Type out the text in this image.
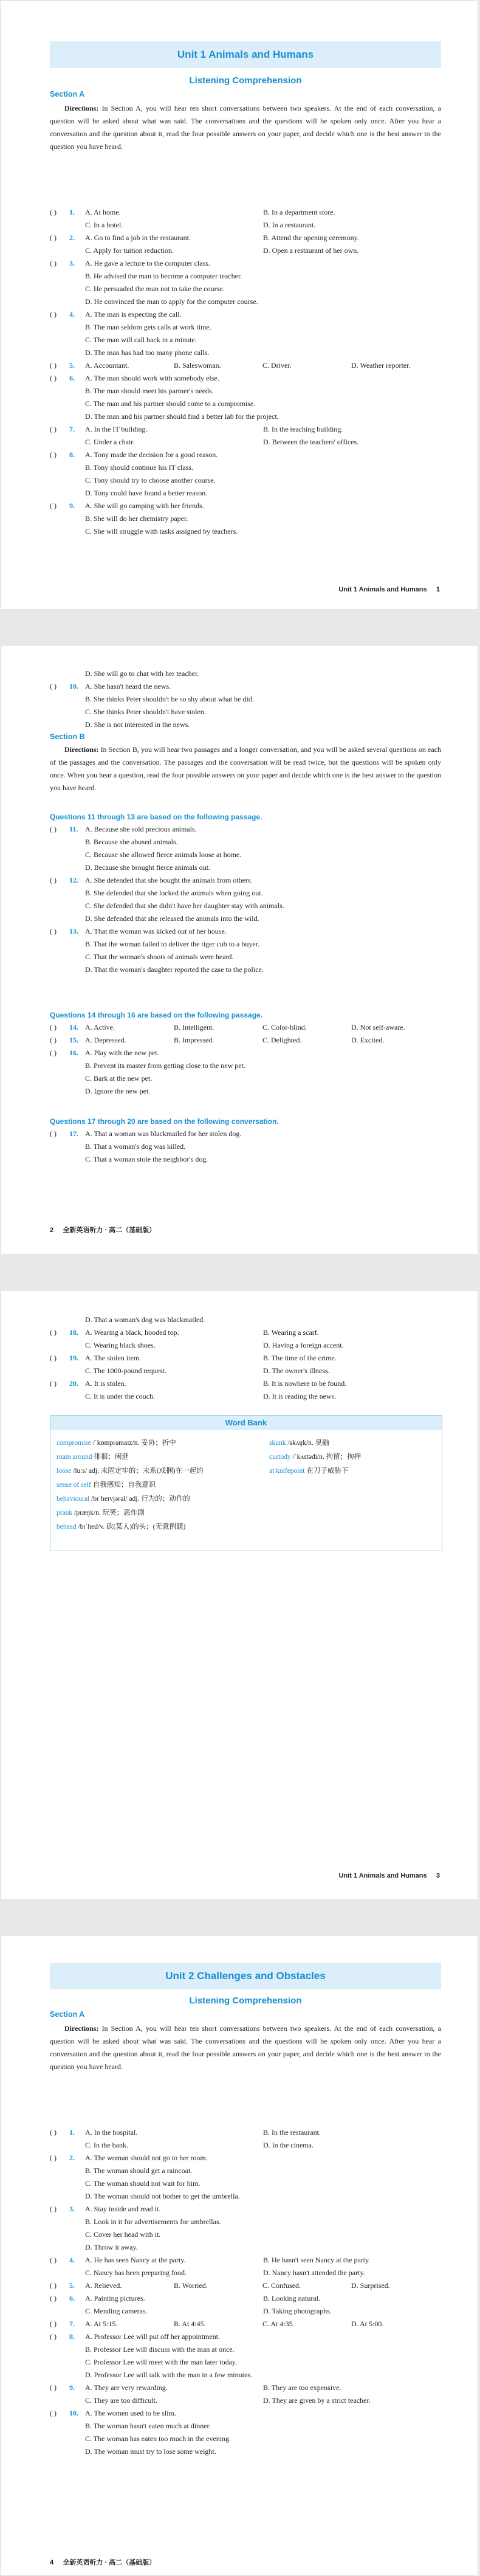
Unit 1 Animals and Humans
Listening Comprehension
Section A
Directions: In Section A, you will hear ten short conversations between two speakers. At the end of each conversation, a question will be asked about what was said. The conversations and the questions will be spoken only once. After you hear a conversation and the question about it, read the four possible answers on your paper, and decide which one is the best answer to the question you have heard.
( ) 1. A. At home.	B. In a department store.
C. In a hotel.	D. In a restaurant.
( ) 2. A. Go to find a job in the restaurant.	B. Attend the opening ceremony.
C. Apply for tuition reduction.	D. Open a restaurant of her own.
( ) 3. A. He gave a lecture to the computer class.
B. He advised the man to become a computer teacher.
C. He persuaded the man not to take the course.
D. He convinced the man to apply for the computer course.
( ) 4. A. The man is expecting the call.
B. The man seldom gets calls at work time.
C. The man will call back in a minute.
D. The man has had too many phone calls.
( ) 5. A. Accountant.	B. Saleswoman.	C. Driver.	D. Weather reporter.
( ) 6. A. The man should work with somebody else.
B. The man should meet his partner's needs.
C. The man and his partner should come to a compromise.
D. The man and his partner should find a better lab for the project.
( ) 7. A. In the IT building.	B. In the teaching building.
C. Under a chair.	D. Between the teachers' offices.
( ) 8. A. Tony made the decision for a good reason.
B. Tony should continue his IT class.
C. Tony should try to choose another course.
D. Tony could have found a better reason.
( ) 9. A. She will go camping with her friends.
B. She will do her chemistry paper.
C. She will struggle with tasks assigned by teachers.
Unit 1 Animals and Humans 1
D. She will go to chat with her teacher.
( ) 10. A. She hasn't heard the news.
B. She thinks Peter shouldn't be so shy about what he did.
C. She thinks Peter shouldn't have stolen.
D. She is not interested in the news.
Section B
Directions: In Section B, you will hear two passages and a longer conversation, and you will be asked several questions on each of the passages and the conversation. The passages and the conversation will be read twice, but the questions will be spoken only once. When you hear a question, read the four possible answers on your paper and decide which one is the best answer to the question you have heard.
Questions 11 through 13 are based on the following passage.
( ) 11. A. Because she sold precious animals.
B. Because she abused animals.
C. Because she allowed fierce animals loose at home.
D. Because she brought fierce animals out.
( ) 12. A. She defended that she bought the animals from others.
B. She defended that she locked the animals when going out.
C. She defended that she didn't have her daughter stay with animals.
D. She defended that she released the animals into the wild.
( ) 13. A. That the woman was kicked out of her house.
B. That the woman failed to deliver the tiger cub to a buyer.
C. That the woman's shoots of animals were heard.
D. That the woman's daughter reported the case to the police.
Questions 14 through 16 are based on the following passage.
( ) 14. A. Active.	B. Intelligent.	C. Color-blind.	D. Not self-aware.
( ) 15. A. Depressed.	B. Impressed.	C. Delighted.	D. Excited.
( ) 16. A. Play with the new pet.
B. Prevent its master from getting close to the new pet.
C. Bark at the new pet.
D. Ignore the new pet.
Questions 17 through 20 are based on the following conversation.
( ) 17. A. That a woman was blackmailed for her stolen dog.
B. That a woman's dog was killed.
C. That a woman stole the neighbor's dog.
2 全新英语听力 · 高二（基础版）
D. That a woman's dog was blackmailed.
( ) 18. A. Wearing a black, hooded top.	B. Wearing a scarf.
C. Wearing black shoes.	D. Having a foreign accent.
( ) 19. A. The stolen item.	B. The time of the crime.
C. The 1000-pound request.	D. The owner's illness.
( ) 20. A. It is stolen.	B. It is nowhere to be found.
C. It is under the couch.	D. It is reading the news.
Word Bank
compromise /ˈkɒmprəmaɪz/n. 妥协；折中
roam around 徘徊；闲逛
loose /luːs/ adj. 未固定牢的；未系(或捆)在一起的
sense of self 自我感知；自我意识
behavioural /bɪˈheɪvjərəl/ adj. 行为的；动作的
prank /præŋk/n. 玩笑；恶作剧
behead /bɪˈhed/v. 砍(某人)的头；(无意例题)
skunk /skʌŋk/n. 臭鼬
custody /ˈkʌstədi/n. 拘留；拘押
at knifepoint 在刀子威胁下
Unit 1 Animals and Humans 3
Unit 2 Challenges and Obstacles
Listening Comprehension
Section A
Directions: In Section A, you will hear ten short conversations between two speakers. At the end of each conversation, a question will be asked about what was said. The conversations and the questions will be spoken only once. After you hear a conversation and the question about it, read the four possible answers on your paper, and decide which one is the best answer to the question you have heard.
( ) 1. A. In the hospital.	B. In the restaurant.
C. In the bank.	D. In the cinema.
( ) 2. A. The woman should not go to her room.
B. The woman should get a raincoat.
C. The woman should not wait for him.
D. The woman should not bother to get the umbrella.
( ) 3. A. Stay inside and read it.
B. Look in it for advertisements for umbrellas.
C. Cover her head with it.
D. Throw it away.
( ) 4. A. He has seen Nancy at the party.	B. He hasn't seen Nancy at the party.
C. Nancy has been preparing food.	D. Nancy hasn't attended the party.
( ) 5. A. Relieved.	B. Worried.	C. Confused.	D. Surprised.
( ) 6. A. Painting pictures.	B. Looking natural.
C. Mending cameras.	D. Taking photographs.
( ) 7. A. At 5:15.	B. At 4:45.	C. At 4:35.	D. At 5:00.
( ) 8. A. Professor Lee will put off her appointment.
B. Professor Lee will discuss with the man at once.
C. Professor Lee will meet with the man later today.
D. Professor Lee will talk with the man in a few minutes.
( ) 9. A. They are very rewarding.	B. They are too expensive.
C. They are too difficult.	D. They are given by a strict teacher.
( ) 10. A. The women used to be slim.
B. The woman hasn't eaten much at dinner.
C. The woman has eaten too much in the evening.
D. The woman must try to lose some weight.
4 全新英语听力 · 高二（基础版）
